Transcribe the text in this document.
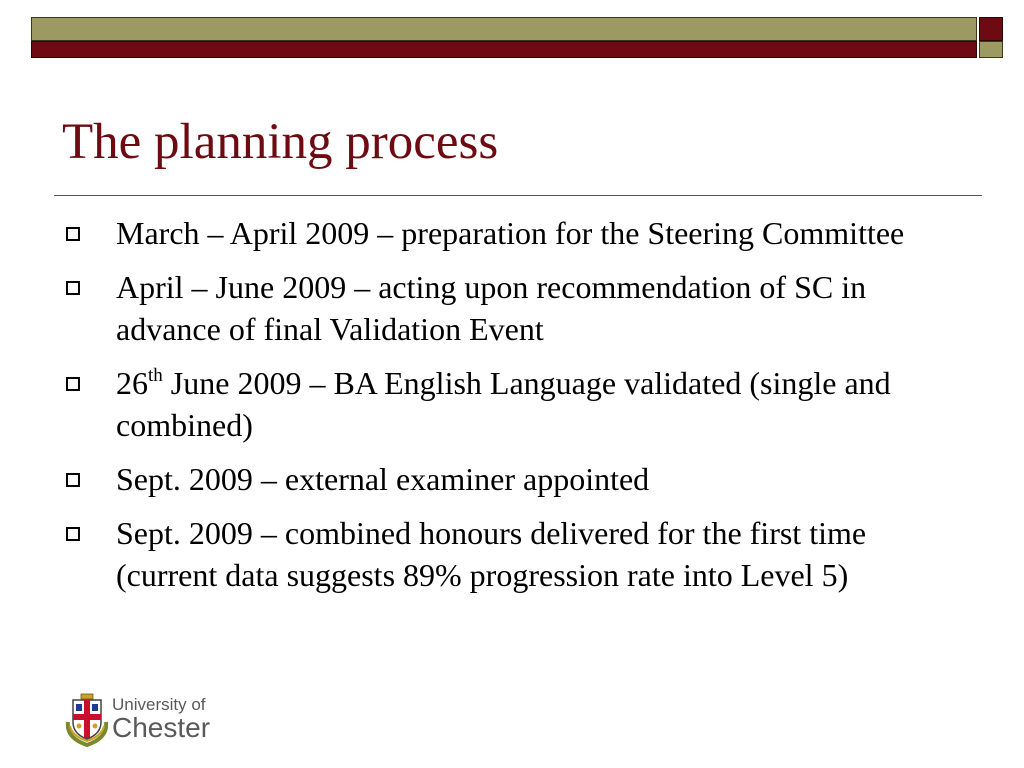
The planning process
March – April 2009 – preparation for the Steering Committee
April – June 2009 – acting upon recommendation of SC in advance of final Validation Event
26th June 2009 – BA English Language validated (single and combined)
Sept. 2009 – external examiner appointed
Sept. 2009 – combined honours delivered for the first time (current data suggests 89% progression rate into Level 5)
University of
Chester
